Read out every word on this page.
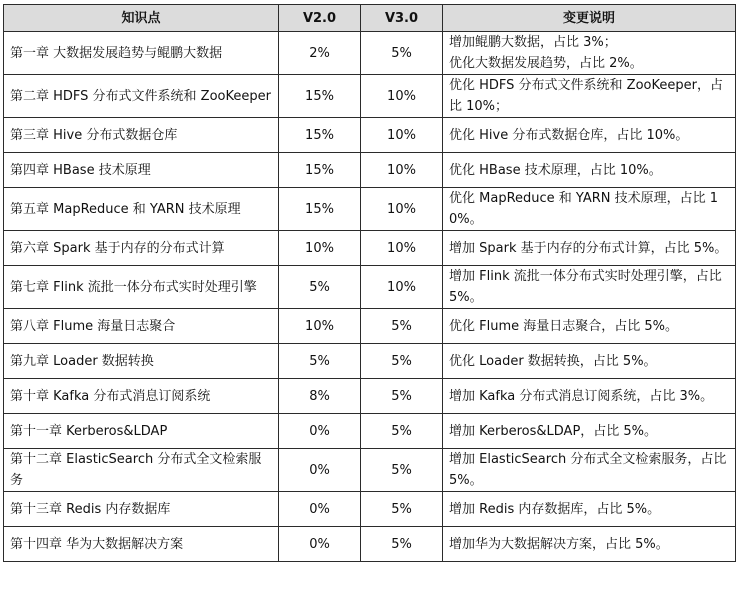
知识点	V2.0	V3.0	变更说明
第一章 大数据发展趋势与鲲鹏大数据	2%	5%	增加鲲鹏大数据，占比 3%；
优化大数据发展趋势，占比 2%。

第二章 HDFS 分布式文件系统和 ZooKeeper	15%	10%	优化 HDFS 分布式文件系统和 ZooKeeper，占比 10%；
第三章 Hive 分布式数据仓库	15%	10%	优化 Hive 分布式数据仓库，占比 10%。
第四章 HBase 技术原理	15%	10%	优化 HBase 技术原理，占比 10%。
第五章 MapReduce 和 YARN 技术原理	15%	10%	优化 MapReduce 和 YARN 技术原理，占比 10%。
第六章 Spark 基于内存的分布式计算	10%	10%	增加 Spark 基于内存的分布式计算，占比 5%。
第七章 Flink 流批一体分布式实时处理引擎	5%	10%	增加 Flink 流批一体分布式实时处理引擎，占比 5%。
第八章 Flume 海量日志聚合	10%	5%	优化 Flume 海量日志聚合，占比 5%。
第九章 Loader 数据转换	5%	5%	优化 Loader 数据转换，占比 5%。
第十章 Kafka 分布式消息订阅系统	8%	5%	增加 Kafka 分布式消息订阅系统，占比 3%。
第十一章 Kerberos&LDAP	0%	5%	增加 Kerberos&LDAP，占比 5%。
第十二章 ElasticSearch 分布式全文检索服务	0%	5%	增加 ElasticSearch 分布式全文检索服务，占比 5%。
第十三章 Redis 内存数据库	0%	5%	增加 Redis 内存数据库，占比 5%。
第十四章 华为大数据解决方案	0%	5%	增加华为大数据解决方案，占比 5%。
